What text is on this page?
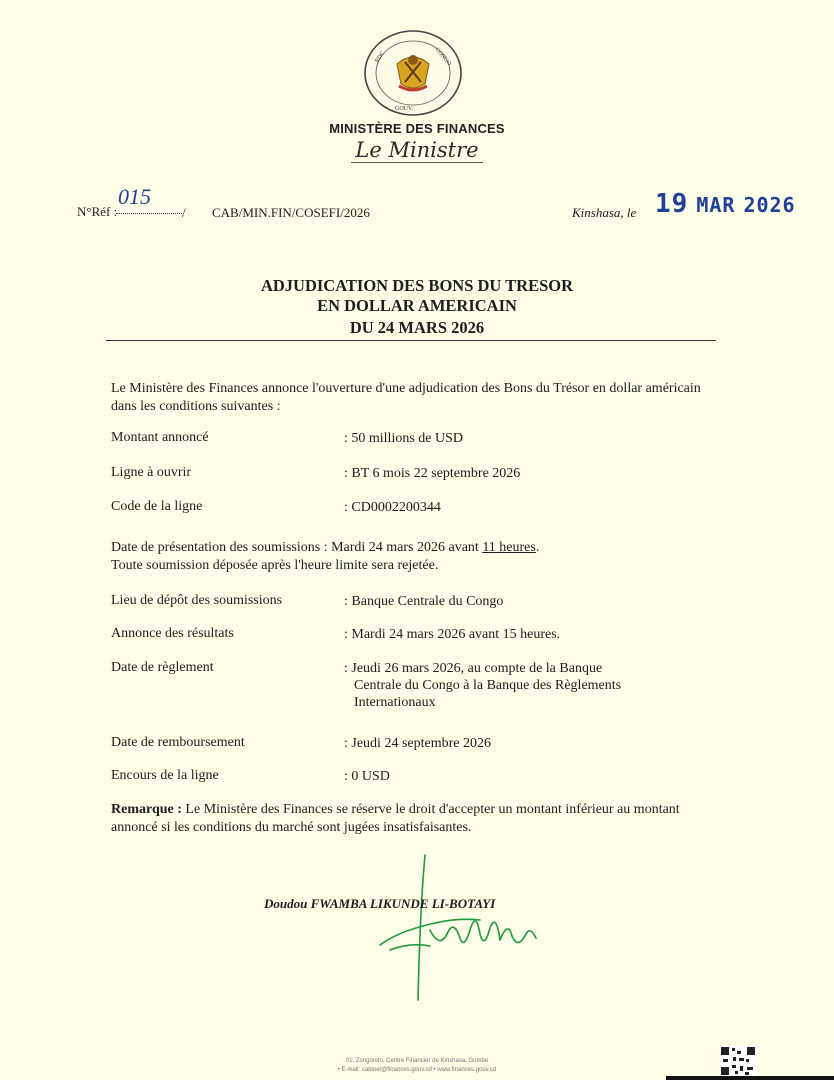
RDC	CONGO
GOUV.
MINISTÈRE DES FINANCES
Le Ministre
N°Réf :
015
/ CAB/MIN.FIN/COSEFI/2026	Kinshasa, le 19 MAR 2026
ADJUDICATION DES BONS DU TRESOR
EN DOLLAR AMERICAIN
DU 24 MARS 2026
Le Ministère des Finances annonce l'ouverture d'une adjudication des Bons du Trésor en dollar américain dans les conditions suivantes :
Montant annoncé	: 50 millions de USD
Ligne à ouvrir	: BT 6 mois 22 septembre 2026
Code de la ligne	: CD0002200344
Date de présentation des soumissions : Mardi 24 mars 2026 avant 11 heures.
Toute soumission déposée après l'heure limite sera rejetée.
Lieu de dépôt des soumissions	: Banque Centrale du Congo
Annonce des résultats	: Mardi 24 mars 2026 avant 15 heures.
Date de règlement	: Jeudi 26 mars 2026, au compte de la Banque
Centrale du Congo à la Banque des Règlements
Internationaux
Date de remboursement	: Jeudi 24 septembre 2026
Encours de la ligne	: 0 USD
Remarque : Le Ministère des Finances se réserve le droit d'accepter un montant inférieur au montant annoncé si les conditions du marché sont jugées insatisfaisantes.
Doudou FWAMBA LIKUNDE LI-BOTAYI
01, Zongorolo, Centre Financier de Kinshasa, Gombe
• E-mail: cabinet@finances.gouv.cd • www.finances.gouv.cd
